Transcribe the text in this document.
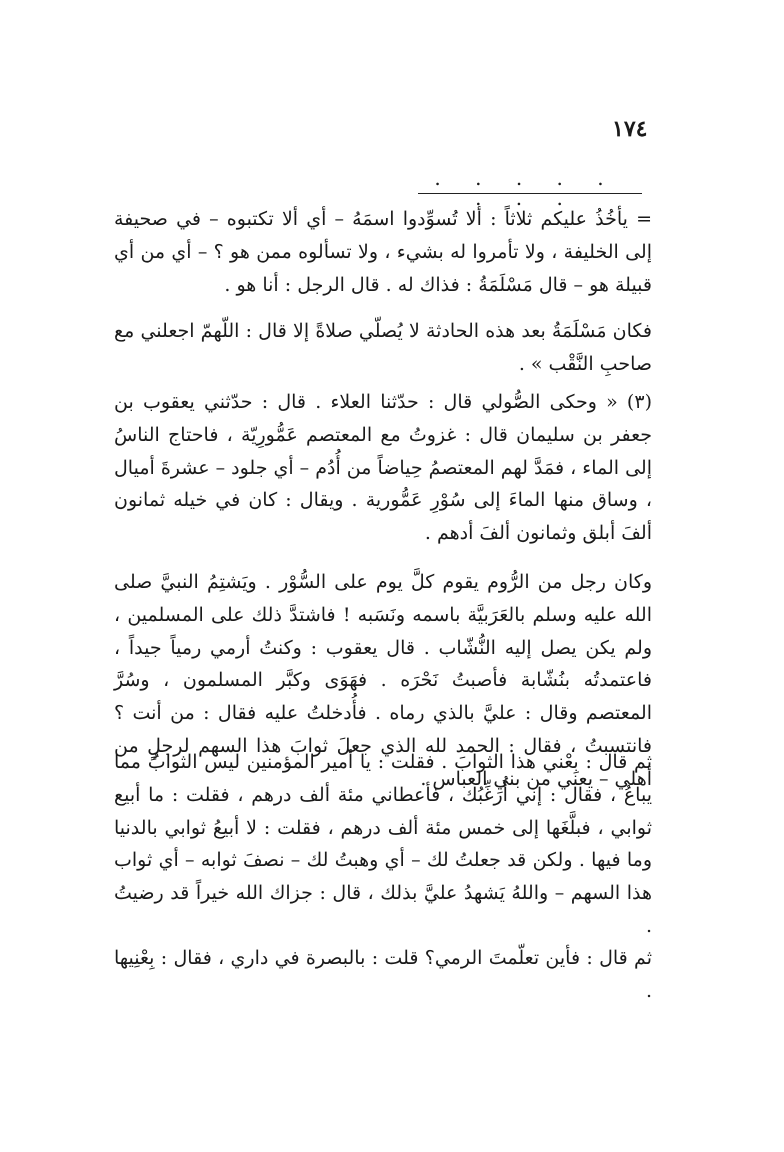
١٧٤
. . . . . . . .

= يأخُذُ عليكم ثلاثاً : ألا تُسوِّدوا اسمَهُ – أي ألا تكتبوه – في صحيفة إلى الخليفة ، ولا تأمروا له بشيء ، ولا تسألوه ممن هو ؟ – أي من أي قبيلة هو – قال مَسْلَمَةُ : فذاك له . قال الرجل : أنا هو .

فكان مَسْلَمَةُ بعد هذه الحادثة لا يُصلّي صلاةً إلا قال : اللّهمّ اجعلني مع صاحبِ النَّقْب » .

(٣) « وحكى الصُّولي قال : حدّثنا العلاء . قال : حدّثني يعقوب بن جعفر بن سليمان قال : غزوتُ مع المعتصم عَمُّورِيّة ، فاحتاج الناسُ إلى الماء ، فمَدَّ لهم المعتصمُ حِياضاً من أُدُم – أي جلود – عشرةَ أميال ، وساق منها الماءَ إلى سُوْرِ عَمُّورية . ويقال : كان في خيله ثمانون ألفَ أبلق وثمانون ألفَ أدهم .

وكان رجل من الرُّوم يقوم كلَّ يوم على السُّوْر . ويَشتِمُ النبيَّ صلى الله عليه وسلم بالعَرَبيَّة باسمه ونَسَبه ! فاشتدَّ ذلك على المسلمين ، ولم يكن يصل إليه النُّشّاب . قال يعقوب : وكنتُ أرمي رمياً جيداً ، فاعتمدتُه بنُشّابة فأصبتُ نَحْرَه . فهَوَى وكبَّر المسلمون ، وسُرَّ المعتصم وقال : عليَّ بالذي رماه . فأُدخلتُ عليه فقال : من أنت ؟ فانتسبتُ ، فقال : الحمد لله الذي جعلَ ثوابَ هذا السهم لرجلٍ من أهلي – يعني من بني العباس .

ثم قال : بِعْني هذا الثوابَ . فقلت : يا أمير المؤمنين ليس الثوابُ مما يباعُ ، فقال : إني أُرَغِّبُك ، فأعطاني مئة ألف درهم ، فقلت : ما أبيع ثوابي ، فبلَّغَها إلى خمس مئة ألف درهم ، فقلت : لا أبيعُ ثوابي بالدنيا وما فيها . ولكن قد جعلتُ لك – أي وهبتُ لك – نصفَ ثوابه – أي ثواب هذا السهم – واللهُ يَشهدُ عليَّ بذلك ، قال : جزاك الله خيراً قد رضيتُ .

ثم قال : فأين تعلّمتَ الرمي؟ قلت : بالبصرة في داري ، فقال : بِعْنِيها .
